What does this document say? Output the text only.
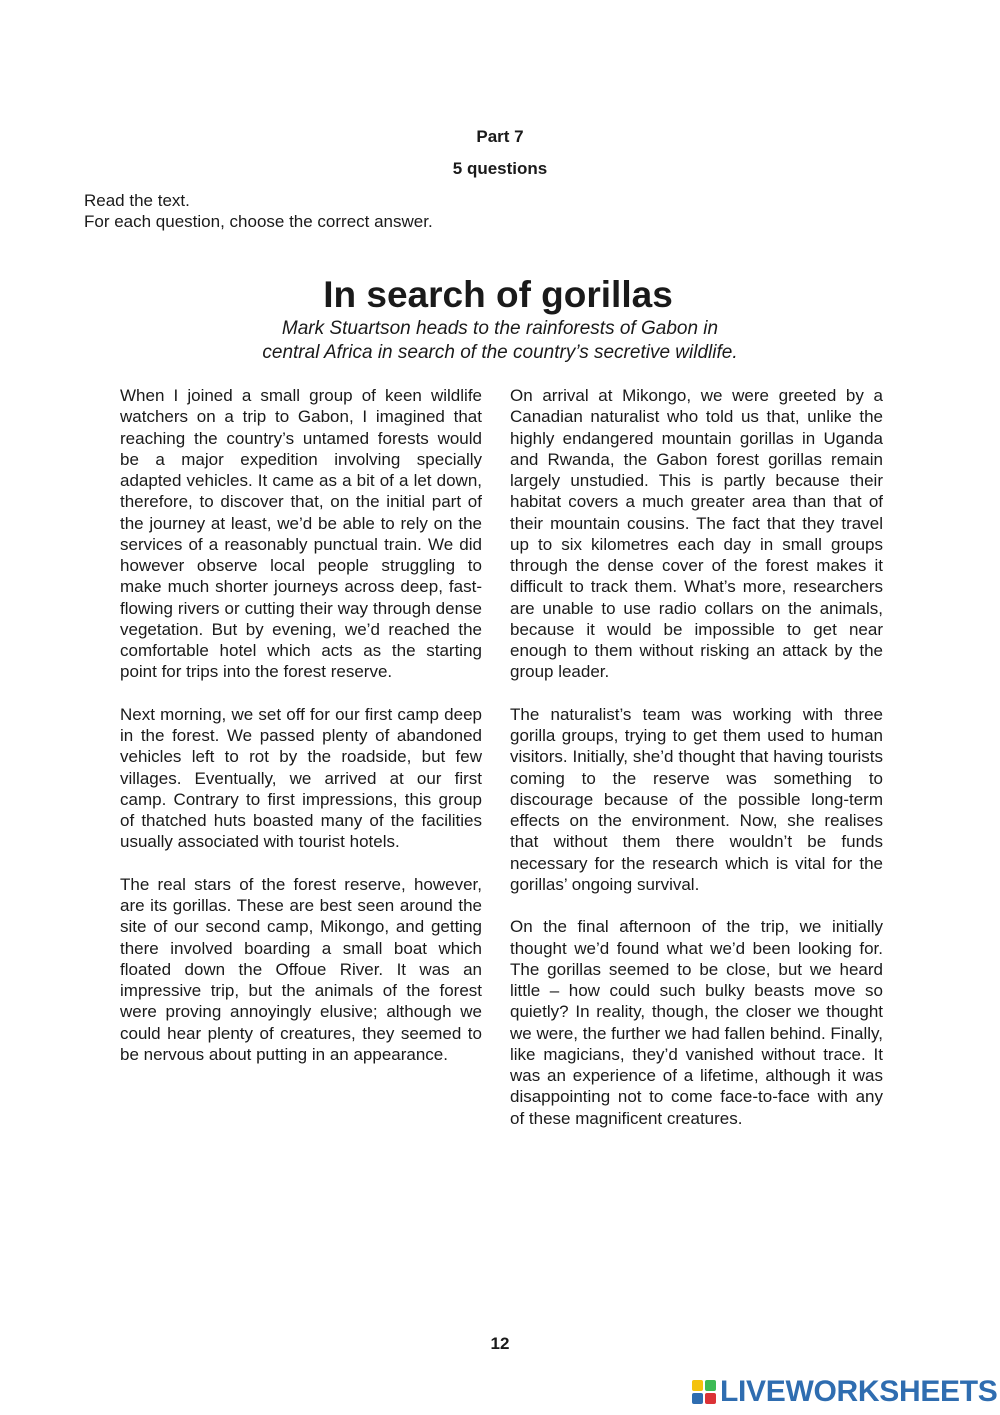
Part 7
5 questions
Read the text.
For each question, choose the correct answer.
In search of gorillas
Mark Stuartson heads to the rainforests of Gabon in
central Africa in search of the country’s secretive wildlife.

When I joined a small group of keen wildlife watchers on a trip to Gabon, I imagined that reaching the country’s untamed forests would be a major expedition involving specially adapted vehicles. It came as a bit of a let down, therefore, to discover that, on the initial part of the journey at least, we’d be able to rely on the services of a reasonably punctual train. We did however observe local people struggling to make much shorter journeys across deep, fast-flowing rivers or cutting their way through dense vegetation. But by evening, we’d reached the comfortable hotel which acts as the starting point for trips into the forest reserve.

Next morning, we set off for our first camp deep in the forest. We passed plenty of abandoned vehicles left to rot by the roadside, but few villages. Eventually, we arrived at our first camp. Contrary to first impressions, this group of thatched huts boasted many of the facilities usually associated with tourist hotels.

The real stars of the forest reserve, however, are its gorillas. These are best seen around the site of our second camp, Mikongo, and getting there involved boarding a small boat which floated down the Offoue River. It was an impressive trip, but the animals of the forest were proving annoyingly elusive; although we could hear plenty of creatures, they seemed to be nervous about putting in an appearance.

On arrival at Mikongo, we were greeted by a Canadian naturalist who told us that, unlike the highly endangered mountain gorillas in Uganda and Rwanda, the Gabon forest gorillas remain largely unstudied. This is partly because their habitat covers a much greater area than that of their mountain cousins. The fact that they travel up to six kilometres each day in small groups through the dense cover of the forest makes it difficult to track them. What’s more, researchers are unable to use radio collars on the animals, because it would be impossible to get near enough to them without risking an attack by the group leader.

The naturalist’s team was working with three gorilla groups, trying to get them used to human visitors. Initially, she’d thought that having tourists coming to the reserve was something to discourage because of the possible long-term effects on the environment. Now, she realises that without them there wouldn’t be funds necessary for the research which is vital for the gorillas’ ongoing survival.

On the final afternoon of the trip, we initially thought we’d found what we’d been looking for. The gorillas seemed to be close, but we heard little – how could such bulky beasts move so quietly? In reality, though, the closer we thought we were, the further we had fallen behind. Finally, like magicians, they’d vanished without trace. It was an experience of a lifetime, although it was disappointing not to come face-to-face with any of these magnificent creatures.

12
LIVEWORKSHEETS
